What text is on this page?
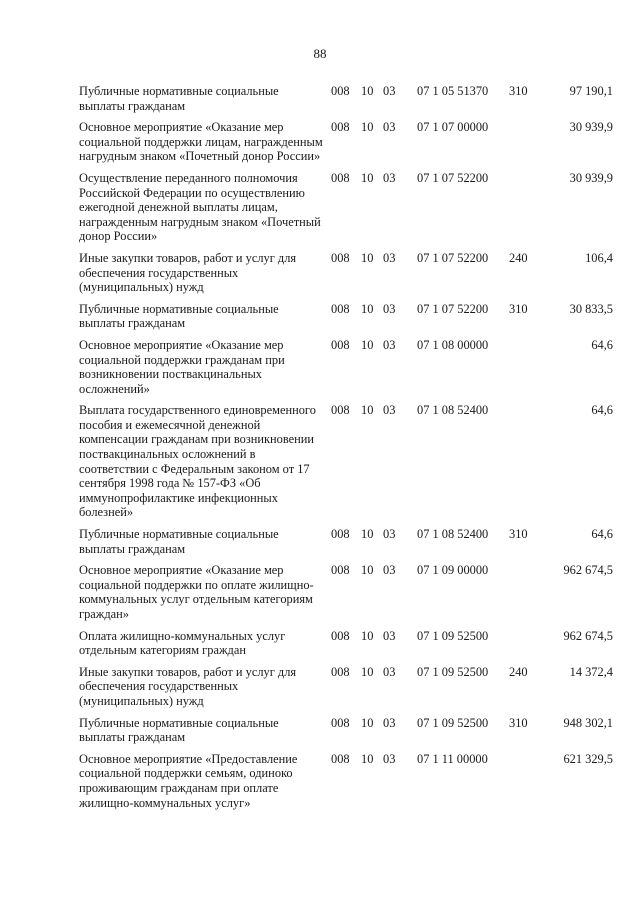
88
Публичные нормативные социальные выплаты гражданам	008	10	03	07 1 05 51370	310	97 190,1
Основное мероприятие «Оказание мер социальной поддержки лицам, награжденным нагрудным знаком «Почетный донор России»	008	10	03	07 1 07 00000		30 939,9
Осуществление переданного полномочия Российской Федерации по осуществлению ежегодной денежной выплаты лицам, награжденным нагрудным знаком «Почетный донор России»	008	10	03	07 1 07 52200		30 939,9
Иные закупки товаров, работ и услуг для обеспечения государственных (муниципальных) нужд	008	10	03	07 1 07 52200	240	106,4
Публичные нормативные социальные выплаты гражданам	008	10	03	07 1 07 52200	310	30 833,5
Основное мероприятие «Оказание мер социальной поддержки гражданам при возникновении поствакцинальных осложнений»	008	10	03	07 1 08 00000		64,6
Выплата государственного единовременного пособия и ежемесячной денежной компенсации гражданам при возникновении поствакцинальных осложнений в соответствии с Федеральным законом от 17 сентября 1998 года № 157-ФЗ «Об иммунопрофилактике инфекционных болезней»	008	10	03	07 1 08 52400		64,6
Публичные нормативные социальные выплаты гражданам	008	10	03	07 1 08 52400	310	64,6
Основное мероприятие «Оказание мер социальной поддержки по оплате жилищно-коммунальных услуг отдельным категориям граждан»	008	10	03	07 1 09 00000		962 674,5
Оплата жилищно-коммунальных услуг отдельным категориям граждан	008	10	03	07 1 09 52500		962 674,5
Иные закупки товаров, работ и услуг для обеспечения государственных (муниципальных) нужд	008	10	03	07 1 09 52500	240	14 372,4
Публичные нормативные социальные выплаты гражданам	008	10	03	07 1 09 52500	310	948 302,1
Основное мероприятие «Предоставление социальной поддержки семьям, одиноко проживающим гражданам при оплате жилищно-коммунальных услуг»	008	10	03	07 1 11 00000		621 329,5
